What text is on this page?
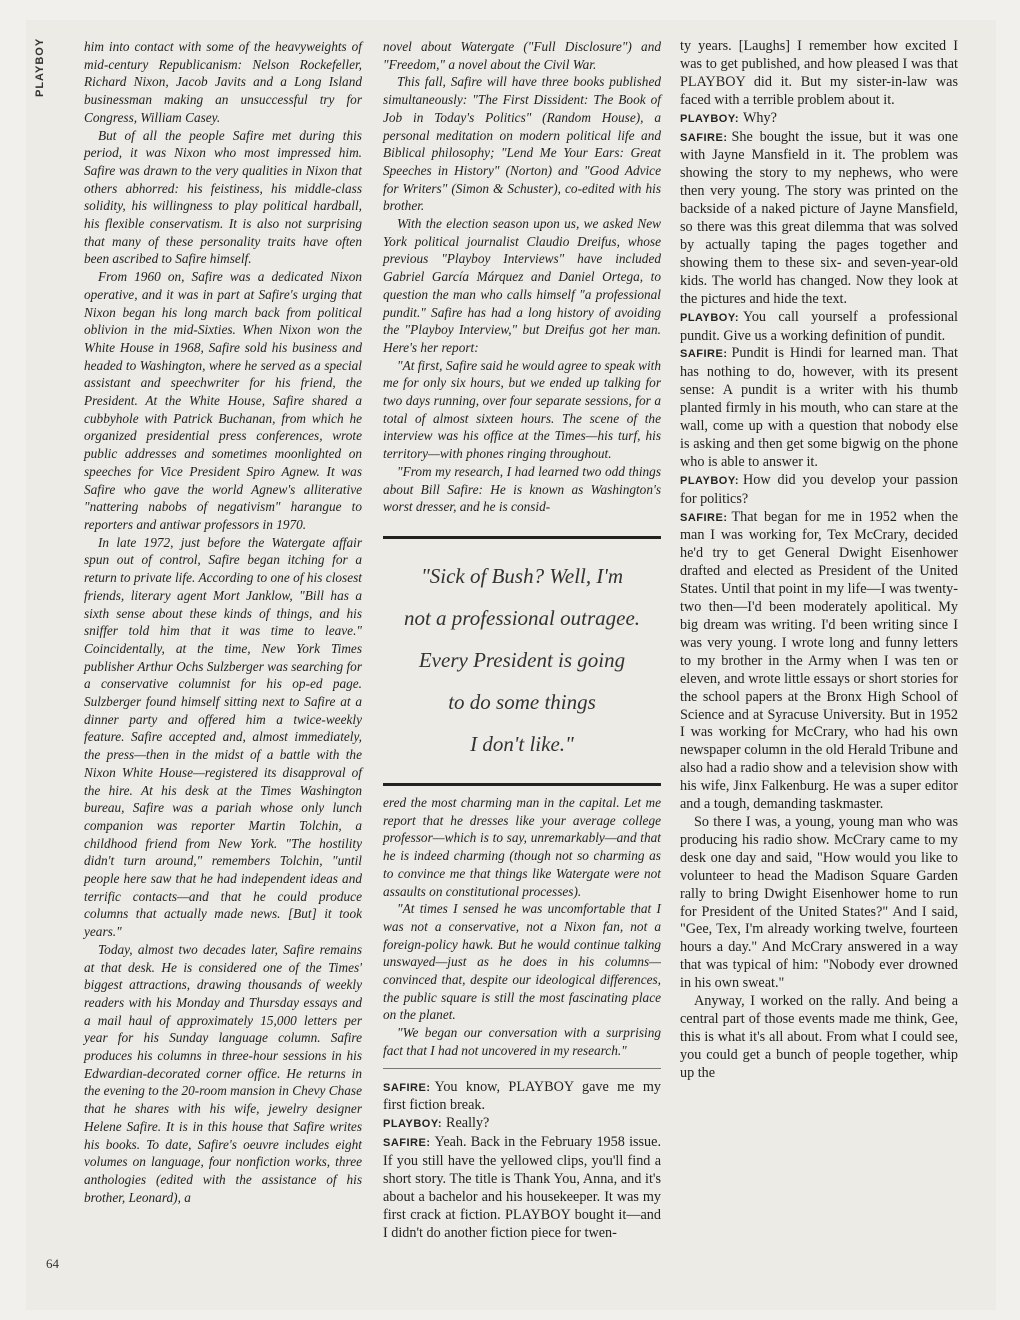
PLAYBOY	him into contact with some of the heavyweights of mid-century Republicanism: Nelson Rockefeller, Richard Nixon, Jacob Javits and a Long Island businessman making an unsuccessful try for Congress, William Casey.

But of all the people Safire met during this period, it was Nixon who most impressed him. Safire was drawn to the very qualities in Nixon that others abhorred: his feistiness, his middle-class solidity, his willingness to play political hardball, his flexible conservatism. It is also not surprising that many of these personality traits have often been ascribed to Safire himself.

From 1960 on, Safire was a dedicated Nixon operative, and it was in part at Safire's urging that Nixon began his long march back from political oblivion in the mid-Sixties. When Nixon won the White House in 1968, Safire sold his business and headed to Washington, where he served as a special assistant and speechwriter for his friend, the President. At the White House, Safire shared a cubbyhole with Patrick Buchanan, from which he organized presidential press conferences, wrote public addresses and sometimes moonlighted on speeches for Vice President Spiro Agnew. It was Safire who gave the world Agnew's alliterative "nattering nabobs of negativism" harangue to reporters and antiwar professors in 1970.

In late 1972, just before the Watergate affair spun out of control, Safire began itching for a return to private life. According to one of his closest friends, literary agent Mort Janklow, "Bill has a sixth sense about these kinds of things, and his sniffer told him that it was time to leave." Coincidentally, at the time, New York Times publisher Arthur Ochs Sulzberger was searching for a conservative columnist for his op-ed page. Sulzberger found himself sitting next to Safire at a dinner party and offered him a twice-weekly feature. Safire accepted and, almost immediately, the press—then in the midst of a battle with the Nixon White House—registered its disapproval of the hire. At his desk at the Times Washington bureau, Safire was a pariah whose only lunch companion was reporter Martin Tolchin, a childhood friend from New York. "The hostility didn't turn around," remembers Tolchin, "until people here saw that he had independent ideas and terrific contacts—and that he could produce columns that actually made news. [But] it took years."

Today, almost two decades later, Safire remains at that desk. He is considered one of the Times' biggest attractions, drawing thousands of weekly readers with his Monday and Thursday essays and a mail haul of approximately 15,000 letters per year for his Sunday language column. Safire produces his columns in three-hour sessions in his Edwardian-decorated corner office. He returns in the evening to the 20-room mansion in Chevy Chase that he shares with his wife, jewelry designer Helene Safire. It is in this house that Safire writes his books. To date, Safire's oeuvre includes eight volumes on language, four nonfiction works, three anthologies (edited with the assistance of his brother, Leonard), a

novel about Watergate ("Full Disclosure") and "Freedom," a novel about the Civil War.

This fall, Safire will have three books published simultaneously: "The First Dissident: The Book of Job in Today's Politics" (Random House), a personal meditation on modern political life and Biblical philosophy; "Lend Me Your Ears: Great Speeches in History" (Norton) and "Good Advice for Writers" (Simon & Schuster), co-edited with his brother.

With the election season upon us, we asked New York political journalist Claudio Dreifus, whose previous "Playboy Interviews" have included Gabriel García Márquez and Daniel Ortega, to question the man who calls himself "a professional pundit." Safire has had a long history of avoiding the "Playboy Interview," but Dreifus got her man. Here's her report:

"At first, Safire said he would agree to speak with me for only six hours, but we ended up talking for two days running, over four separate sessions, for a total of almost sixteen hours. The scene of the interview was his office at the Times—his turf, his territory—with phones ringing throughout.

"From my research, I had learned two odd things about Bill Safire: He is known as Washington's worst dresser, and he is consid-

"Sick of Bush? Well, I'm
not a professional outragee.
Every President is going
to do some things
I don't like."

ered the most charming man in the capital. Let me report that he dresses like your average college professor—which is to say, unremarkably—and that he is indeed charming (though not so charming as to convince me that things like Watergate were not assaults on constitutional processes).

"At times I sensed he was uncomfortable that I was not a conservative, not a Nixon fan, not a foreign-policy hawk. But he would continue talking unswayed—just as he does in his columns—convinced that, despite our ideological differences, the public square is still the most fascinating place on the planet.

"We began our conversation with a surprising fact that I had not uncovered in my research."

SAFIRE: You know, PLAYBOY gave me my first fiction break.

PLAYBOY: Really?

SAFIRE: Yeah. Back in the February 1958 issue. If you still have the yellowed clips, you'll find a short story. The title is Thank You, Anna, and it's about a bachelor and his housekeeper. It was my first crack at fiction. PLAYBOY bought it—and I didn't do another fiction piece for twen-

ty years. [Laughs] I remember how excited I was to get published, and how pleased I was that PLAYBOY did it. But my sister-in-law was faced with a terrible problem about it.

PLAYBOY: Why?

SAFIRE: She bought the issue, but it was one with Jayne Mansfield in it. The problem was showing the story to my nephews, who were then very young. The story was printed on the backside of a naked picture of Jayne Mansfield, so there was this great dilemma that was solved by actually taping the pages together and showing them to these six- and seven-year-old kids. The world has changed. Now they look at the pictures and hide the text.

PLAYBOY: You call yourself a professional pundit. Give us a working definition of pundit.

SAFIRE: Pundit is Hindi for learned man. That has nothing to do, however, with its present sense: A pundit is a writer with his thumb planted firmly in his mouth, who can stare at the wall, come up with a question that nobody else is asking and then get some bigwig on the phone who is able to answer it.

PLAYBOY: How did you develop your passion for politics?

SAFIRE: That began for me in 1952 when the man I was working for, Tex McCrary, decided he'd try to get General Dwight Eisenhower drafted and elected as President of the United States. Until that point in my life—I was twenty-two then—I'd been moderately apolitical. My big dream was writing. I'd been writing since I was very young. I wrote long and funny letters to my brother in the Army when I was ten or eleven, and wrote little essays or short stories for the school papers at the Bronx High School of Science and at Syracuse University. But in 1952 I was working for McCrary, who had his own newspaper column in the old Herald Tribune and also had a radio show and a television show with his wife, Jinx Falkenburg. He was a super editor and a tough, demanding taskmaster.

So there I was, a young, young man who was producing his radio show. McCrary came to my desk one day and said, "How would you like to volunteer to head the Madison Square Garden rally to bring Dwight Eisenhower home to run for President of the United States?" And I said, "Gee, Tex, I'm already working twelve, fourteen hours a day." And McCrary answered in a way that was typical of him: "Nobody ever drowned in his own sweat."

Anyway, I worked on the rally. And being a central part of those events made me think, Gee, this is what it's all about. From what I could see, you could get a bunch of people together, whip up the

64
